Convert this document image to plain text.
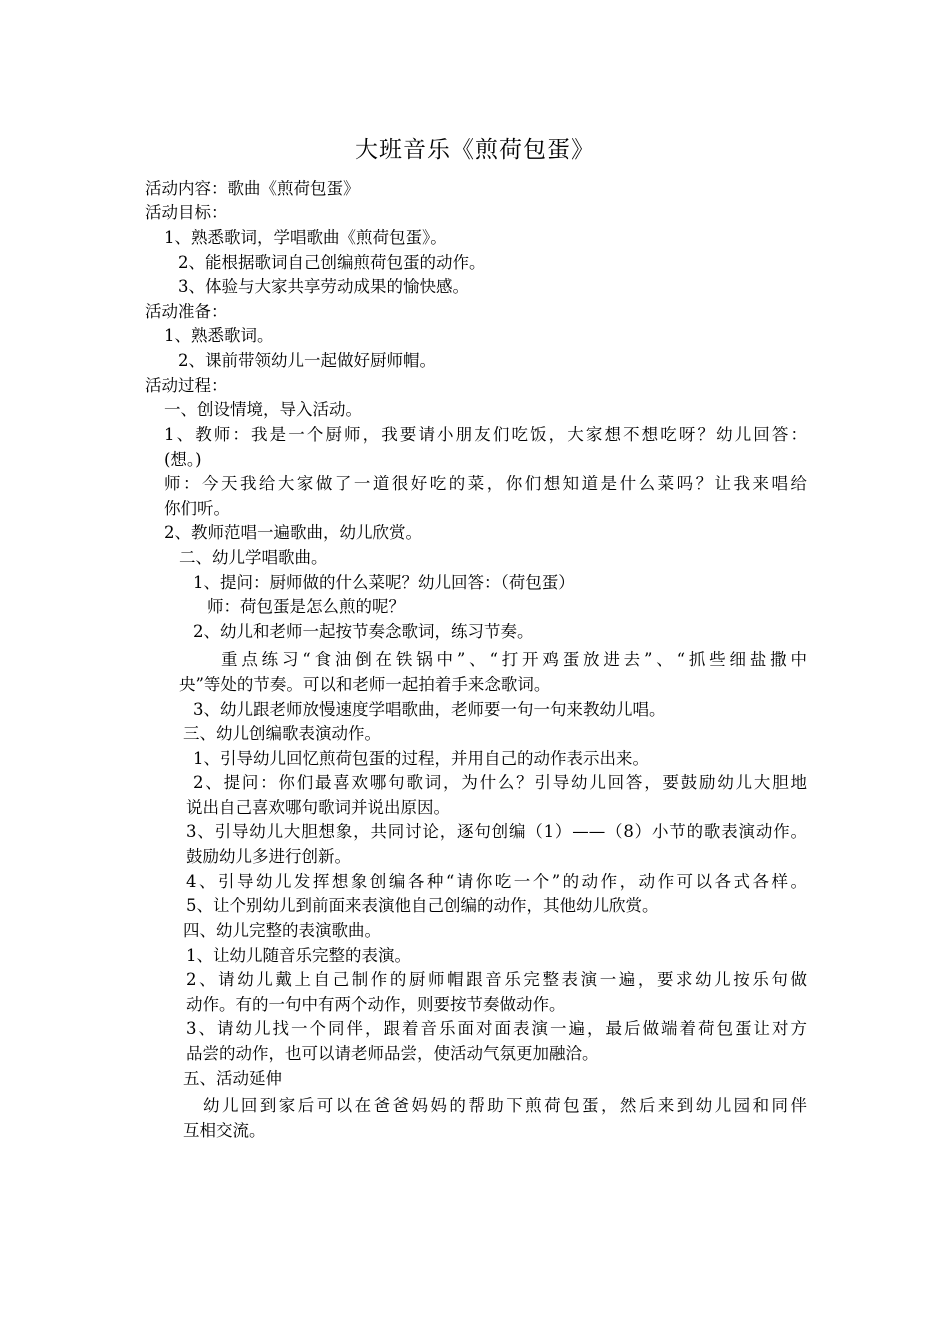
大班音乐《煎荷包蛋》
活动内容：歌曲《煎荷包蛋》
活动目标：
1、熟悉歌词，学唱歌曲《煎荷包蛋》。
2、能根据歌词自己创编煎荷包蛋的动作。
3、体验与大家共享劳动成果的愉快感。
活动准备：
1、熟悉歌词。
2、课前带领幼儿一起做好厨师帽。
活动过程：
一、创设情境，导入活动。
1、教师：我是一个厨师，我要请小朋友们吃饭，大家想不想吃呀？幼儿回答：
(想。)
师：今天我给大家做了一道很好吃的菜，你们想知道是什么菜吗？让我来唱给
你们听。
2、教师范唱一遍歌曲，幼儿欣赏。
二、幼儿学唱歌曲。
1、提问：厨师做的什么菜呢？幼儿回答：（荷包蛋）
师：荷包蛋是怎么煎的呢？
2、幼儿和老师一起按节奏念歌词，练习节奏。
重点练习“食油倒在铁锅中”、“打开鸡蛋放进去”、“抓些细盐撒中
央”等处的节奏。可以和老师一起拍着手来念歌词。
3、幼儿跟老师放慢速度学唱歌曲，老师要一句一句来教幼儿唱。
三、幼儿创编歌表演动作。
1、引导幼儿回忆煎荷包蛋的过程，并用自己的动作表示出来。
2、提问：你们最喜欢哪句歌词，为什么？引导幼儿回答，要鼓励幼儿大胆地
说出自己喜欢哪句歌词并说出原因。
3、引导幼儿大胆想象，共同讨论，逐句创编（1）——（8）小节的歌表演动作。
鼓励幼儿多进行创新。
4、引导幼儿发挥想象创编各种“请你吃一个”的动作，动作可以各式各样。
5、让个别幼儿到前面来表演他自己创编的动作，其他幼儿欣赏。
四、幼儿完整的表演歌曲。
1、让幼儿随音乐完整的表演。
2、请幼儿戴上自己制作的厨师帽跟音乐完整表演一遍，要求幼儿按乐句做
动作。有的一句中有两个动作，则要按节奏做动作。
3、请幼儿找一个同伴，跟着音乐面对面表演一遍，最后做端着荷包蛋让对方
品尝的动作，也可以请老师品尝，使活动气氛更加融洽。
五、活动延伸
幼儿回到家后可以在爸爸妈妈的帮助下煎荷包蛋，然后来到幼儿园和同伴
互相交流。
